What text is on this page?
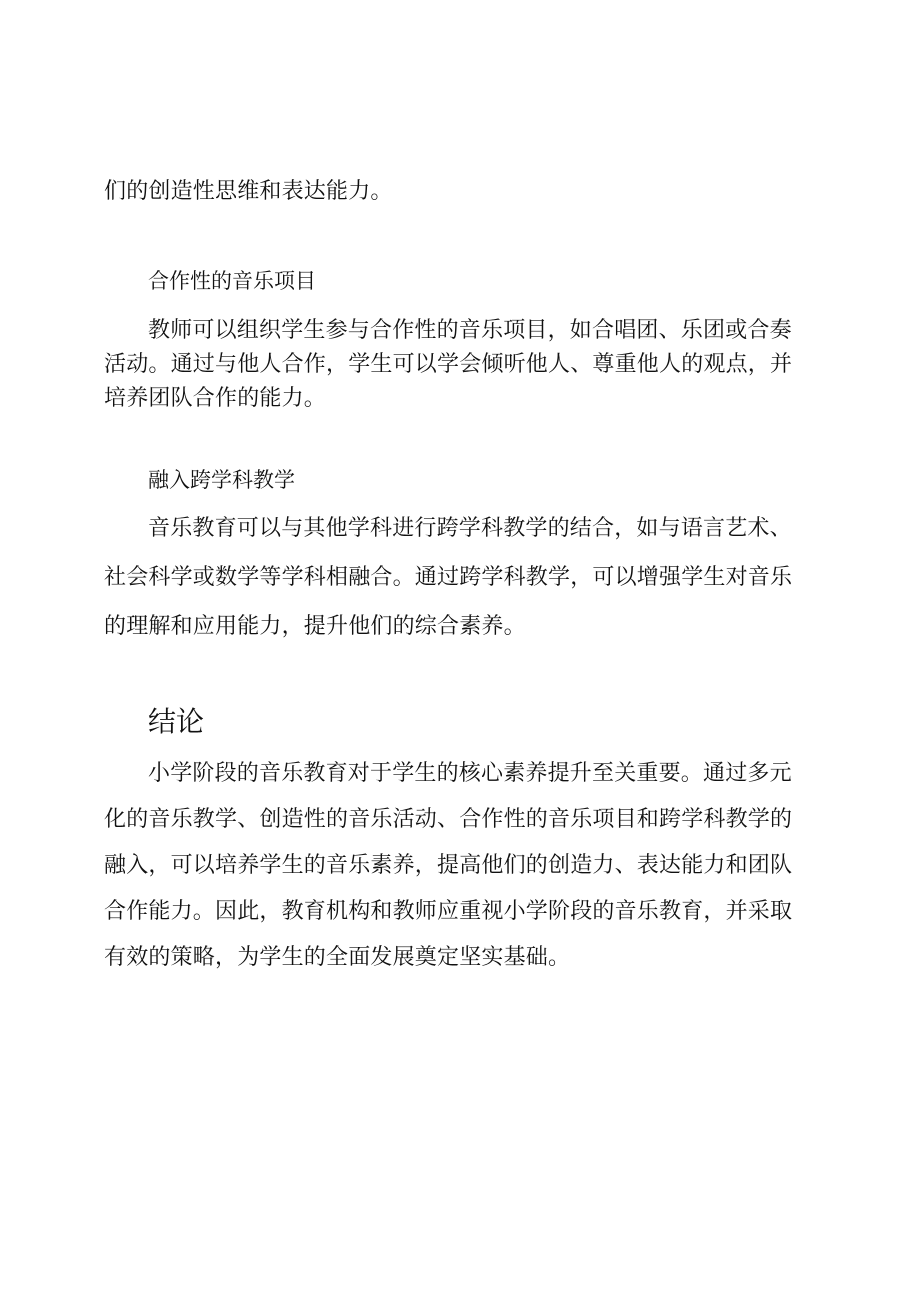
们的创造性思维和表达能力。
合作性的音乐项目
教师可以组织学生参与合作性的音乐项目，如合唱团、乐团或合奏
活动。通过与他人合作，学生可以学会倾听他人、尊重他人的观点，并
培养团队合作的能力。
融入跨学科教学
音乐教育可以与其他学科进行跨学科教学的结合，如与语言艺术、
社会科学或数学等学科相融合。通过跨学科教学，可以增强学生对音乐
的理解和应用能力，提升他们的综合素养。
结论
小学阶段的音乐教育对于学生的核心素养提升至关重要。通过多元
化的音乐教学、创造性的音乐活动、合作性的音乐项目和跨学科教学的
融入，可以培养学生的音乐素养，提高他们的创造力、表达能力和团队
合作能力。因此，教育机构和教师应重视小学阶段的音乐教育，并采取
有效的策略，为学生的全面发展奠定坚实基础。
